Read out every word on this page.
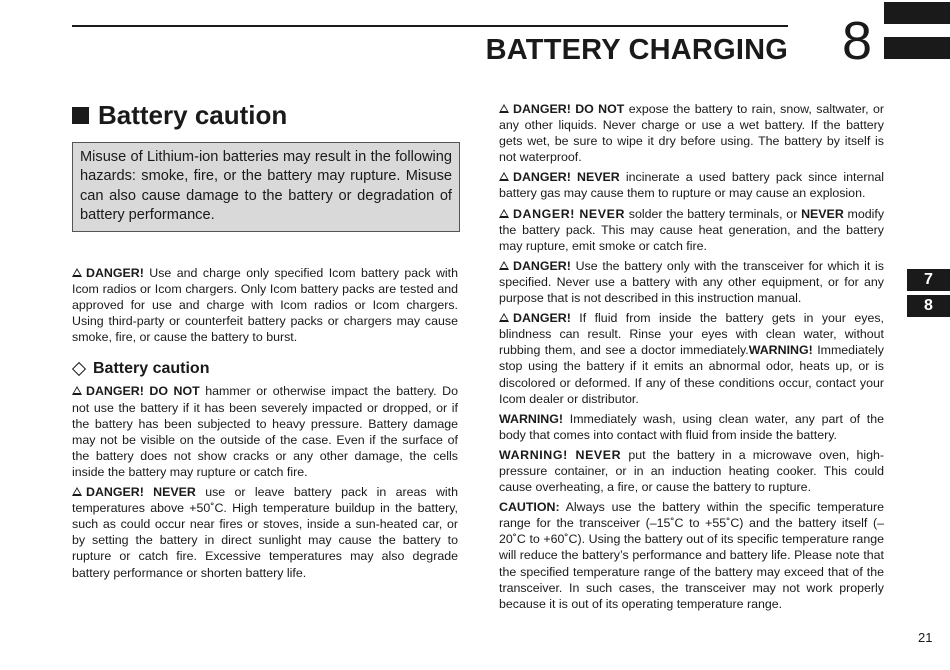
BATTERY CHARGING 8
7
8
Battery caution
Misuse of Lithium-ion batteries may result in the following hazards: smoke, fire, or the battery may rupture. Misuse can also cause damage to the battery or degradation of battery performance.

DANGER! Use and charge only specified Icom battery pack with Icom radios or Icom chargers. Only Icom battery packs are tested and approved for use and charge with Icom radios or Icom chargers. Using third-party or counterfeit battery packs or chargers may cause smoke, fire, or cause the battery to burst.

Battery caution

DANGER! DO NOT hammer or otherwise impact the battery. Do not use the battery if it has been severely impacted or dropped, or if the battery has been subjected to heavy pressure. Battery damage may not be visible on the outside of the case. Even if the surface of the battery does not show cracks or any other damage, the cells inside the battery may rupture or catch fire.

DANGER! NEVER use or leave battery pack in areas with temperatures above +50˚C. High temperature buildup in the battery, such as could occur near fires or stoves, inside a sun-heated car, or by setting the battery in direct sunlight may cause the battery to rupture or catch fire. Excessive temperatures may also degrade battery performance or shorten battery life.

DANGER! DO NOT expose the battery to rain, snow, saltwater, or any other liquids. Never charge or use a wet battery. If the battery gets wet, be sure to wipe it dry before using. The battery by itself is not waterproof.

DANGER! NEVER incinerate a used battery pack since internal battery gas may cause them to rupture or may cause an explosion.

DANGER! NEVER solder the battery terminals, or NEVER modify the battery pack. This may cause heat generation, and the battery may rupture, emit smoke or catch fire.

DANGER! Use the battery only with the transceiver for which it is specified. Never use a battery with any other equipment, or for any purpose that is not described in this instruction manual.

DANGER! If fluid from inside the battery gets in your eyes, blindness can result. Rinse your eyes with clean water, without rubbing them, and see a doctor immediately.WARNING! Immediately stop using the battery if it emits an abnormal odor, heats up, or is discolored or deformed. If any of these conditions occur, contact your Icom dealer or distributor.

WARNING! Immediately wash, using clean water, any part of the body that comes into contact with fluid from inside the battery.

WARNING! NEVER put the battery in a microwave oven, high-pressure container, or in an induction heating cooker. This could cause overheating, a fire, or cause the battery to rupture.

CAUTION: Always use the battery within the specific temperature range for the transceiver (–15˚C to +55˚C) and the battery itself (–20˚C to +60˚C). Using the battery out of its specific temperature range will reduce the battery’s performance and battery life. Please note that the specified temperature range of the battery may exceed that of the transceiver. In such cases, the transceiver may not work properly because it is out of its operating temperature range.

21
